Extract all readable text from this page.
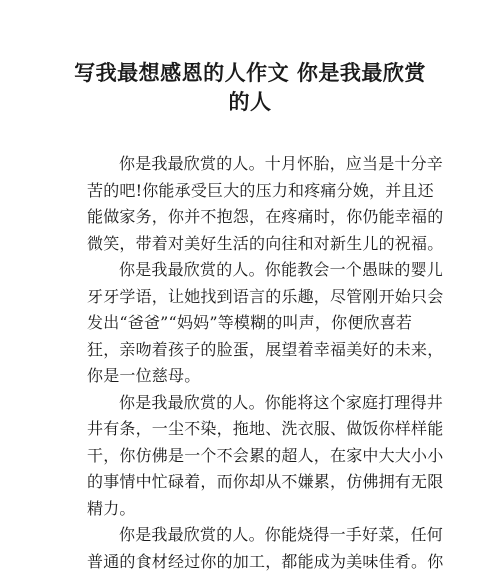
写我最想感恩的人作文 你是我最欣赏
的人

你是我最欣赏的人。十月怀胎，应当是十分辛
苦的吧!你能承受巨大的压力和疼痛分娩，并且还
能做家务，你并不抱怨，在疼痛时，你仍能幸福的
微笑，带着对美好生活的向往和对新生儿的祝福。

你是我最欣赏的人。你能教会一个愚昧的婴儿
牙牙学语，让她找到语言的乐趣，尽管刚开始只会
发出“爸爸”“妈妈”等模糊的叫声，你便欣喜若
狂，亲吻着孩子的脸蛋，展望着幸福美好的未来，
你是一位慈母。

你是我最欣赏的人。你能将这个家庭打理得井
井有条，一尘不染，拖地、洗衣服、做饭你样样能
干，你仿佛是一个不会累的超人，在家中大大小小
的事情中忙碌着，而你却从不嫌累，仿佛拥有无限
精力。

你是我最欣赏的人。你能烧得一手好菜，任何
普通的食材经过你的加工，都能成为美味佳肴。你
